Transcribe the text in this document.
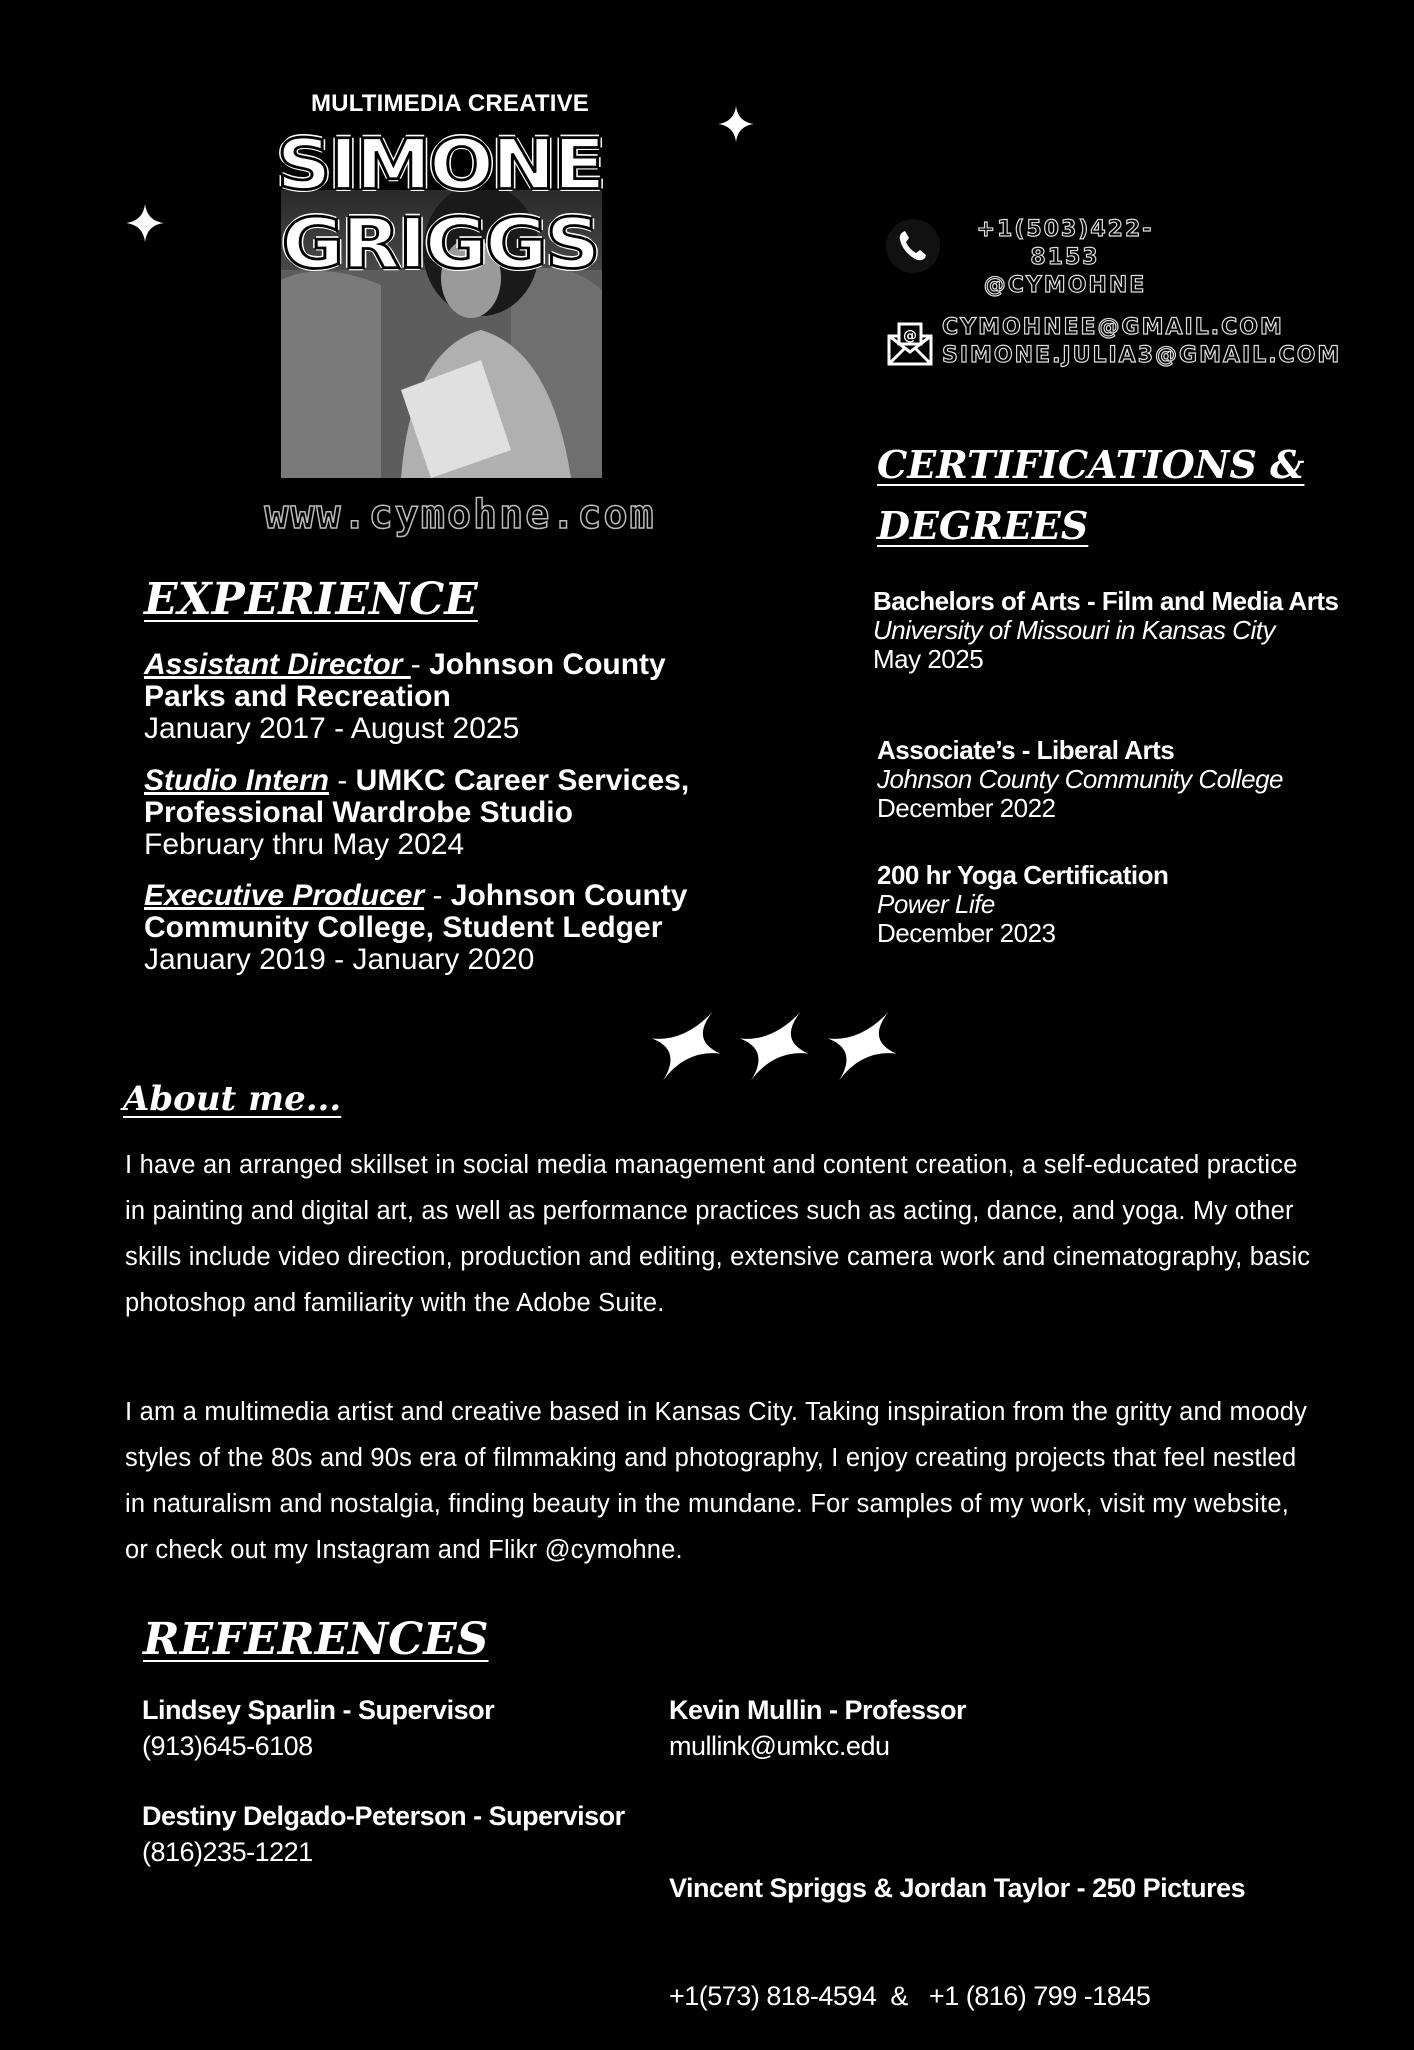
MULTIMEDIA CREATIVE
SIMONE GRIGGS
www.cymohne.com
+1(503)422-8153
@CYMOHNE
@ CYMOHNEE@GMAIL.COM
SIMONE.JULIA3@GMAIL.COM
CERTIFICATIONS & DEGREES
Bachelors of Arts - Film and Media Arts
University of Missouri in Kansas City
May 2025
Associate’s - Liberal Arts
Johnson County Community College
December 2022
200 hr Yoga Certification
Power Life
December 2023
EXPERIENCE
Assistant Director - Johnson County Parks and Recreation
January 2017 - August 2025
Studio Intern - UMKC Career Services, Professional Wardrobe Studio
February thru May 2024
Executive Producer - Johnson County Community College, Student Ledger
January 2019 - January 2020
About me...
I have an arranged skillset in social media management and content creation, a self-educated practice in painting and digital art, as well as performance practices such as acting, dance, and yoga. My other skills include video direction, production and editing, extensive camera work and cinematography, basic photoshop and familiarity with the Adobe Suite.
I am a multimedia artist and creative based in Kansas City. Taking inspiration from the gritty and moody styles of the 80s and 90s era of filmmaking and photography, I enjoy creating projects that feel nestled in naturalism and nostalgia, finding beauty in the mundane. For samples of my work, visit my website, or check out my Instagram and Flikr @cymohne.
REFERENCES
Lindsey Sparlin - Supervisor
(913)645-6108
Kevin Mullin - Professor
mullink@umkc.edu
Destiny Delgado-Peterson - Supervisor
(816)235-1221

Vincent Spriggs & Jordan Taylor - 250 Pictures

+1(573) 818-4594  &   +1 (816) 799 -1845
